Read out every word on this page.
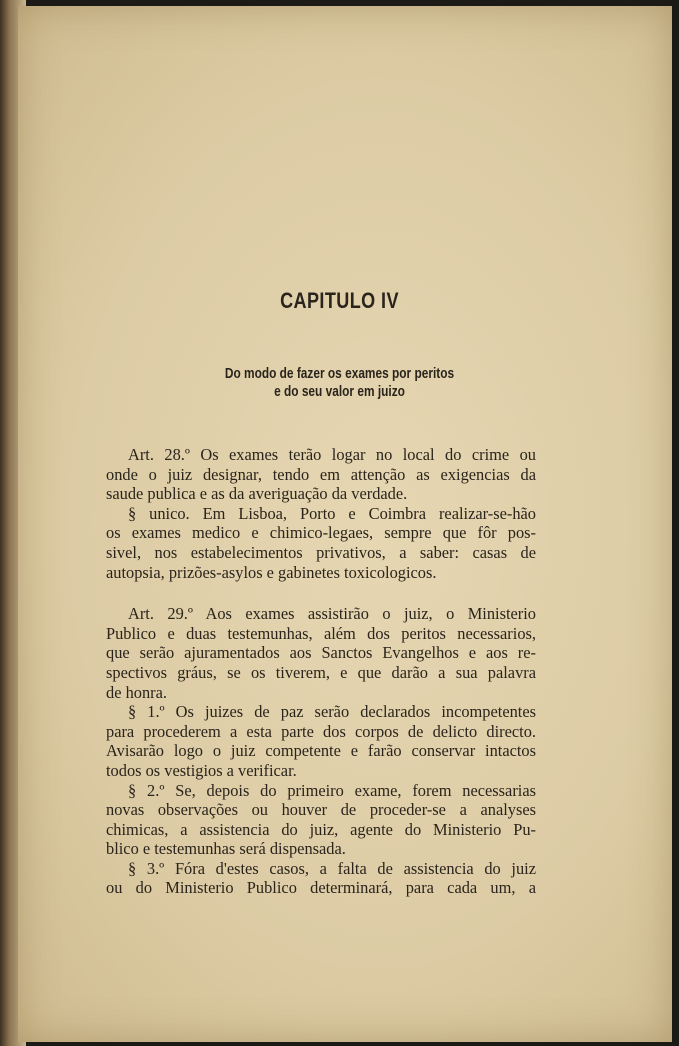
CAPITULO IV
Do modo de fazer os exames por peritos
e do seu valor em juizo
Art. 28.º Os exames terão logar no local do crime ou
onde o juiz designar, tendo em attenção as exigencias da
saude publica e as da averiguação da verdade.
§ unico. Em Lisboa, Porto e Coimbra realizar-se-hão
os exames medico e chimico-legaes, sempre que fôr pos-
sivel, nos estabelecimentos privativos, a saber: casas de
autopsia, prizões-asylos e gabinetes toxicologicos.
Art. 29.º Aos exames assistirão o juiz, o Ministerio
Publico e duas testemunhas, além dos peritos necessarios,
que serão ajuramentados aos Sanctos Evangelhos e aos re-
spectivos gráus, se os tiverem, e que darão a sua palavra
de honra.
§ 1.º Os juizes de paz serão declarados incompetentes
para procederem a esta parte dos corpos de delicto directo.
Avisarão logo o juiz competente e farão conservar intactos
todos os vestigios a verificar.
§ 2.º Se, depois do primeiro exame, forem necessarias
novas observações ou houver de proceder-se a analyses
chimicas, a assistencia do juiz, agente do Ministerio Pu-
blico e testemunhas será dispensada.
§ 3.º Fóra d'estes casos, a falta de assistencia do juiz
ou do Ministerio Publico determinará, para cada um, a
